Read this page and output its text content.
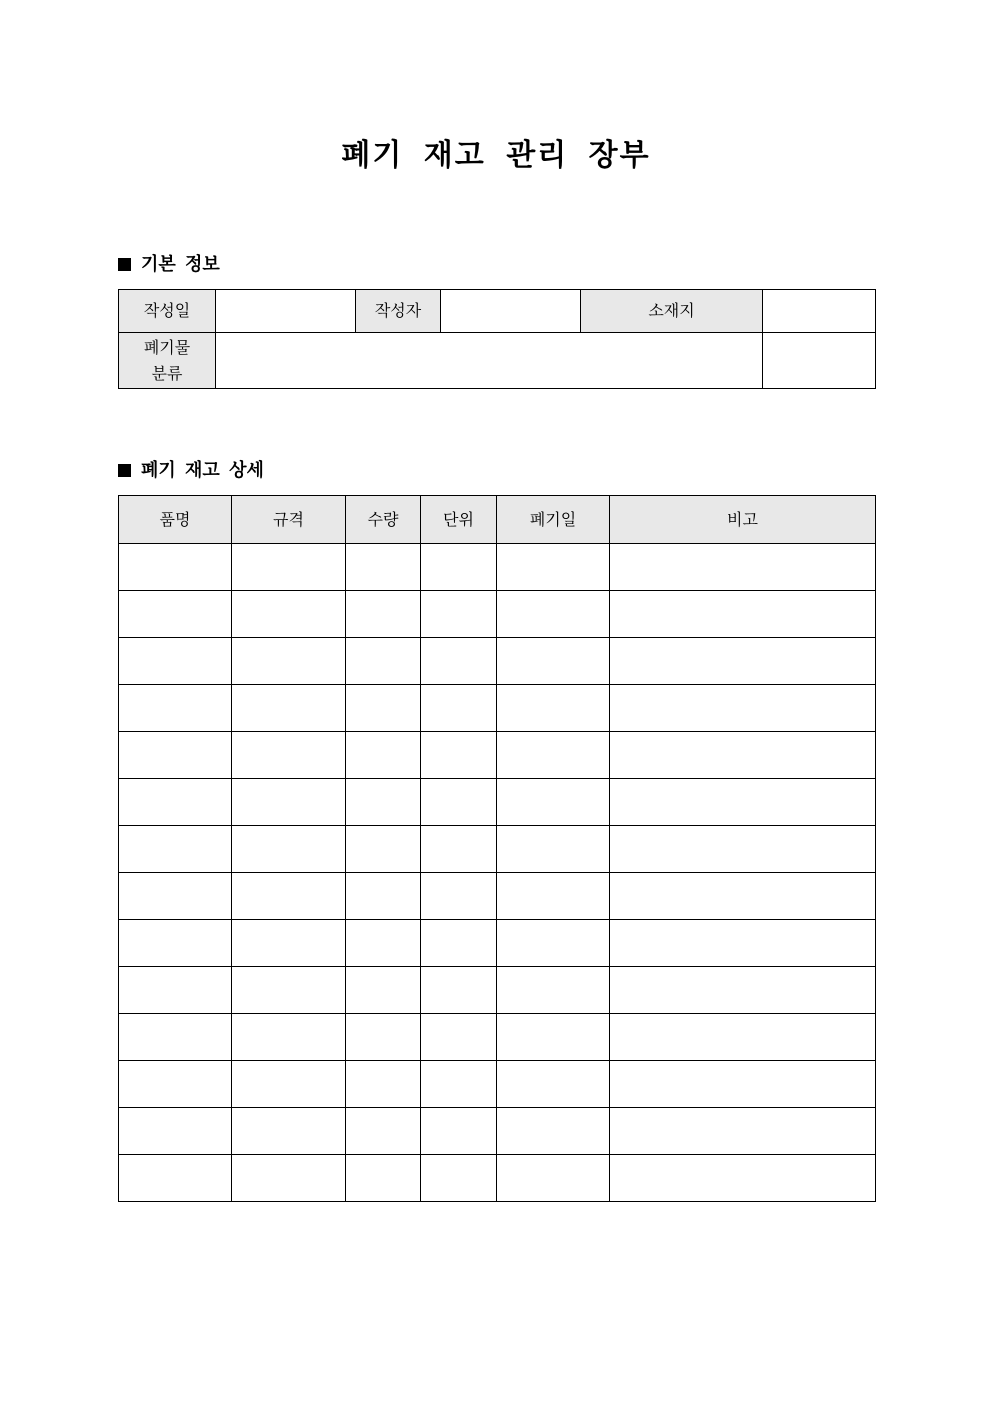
폐기 재고 관리 장부
기본 정보
작성일		작성자		소재지	
폐기물 분류					
폐기 재고 상세
품명	규격	수량	단위	폐기일	비고
